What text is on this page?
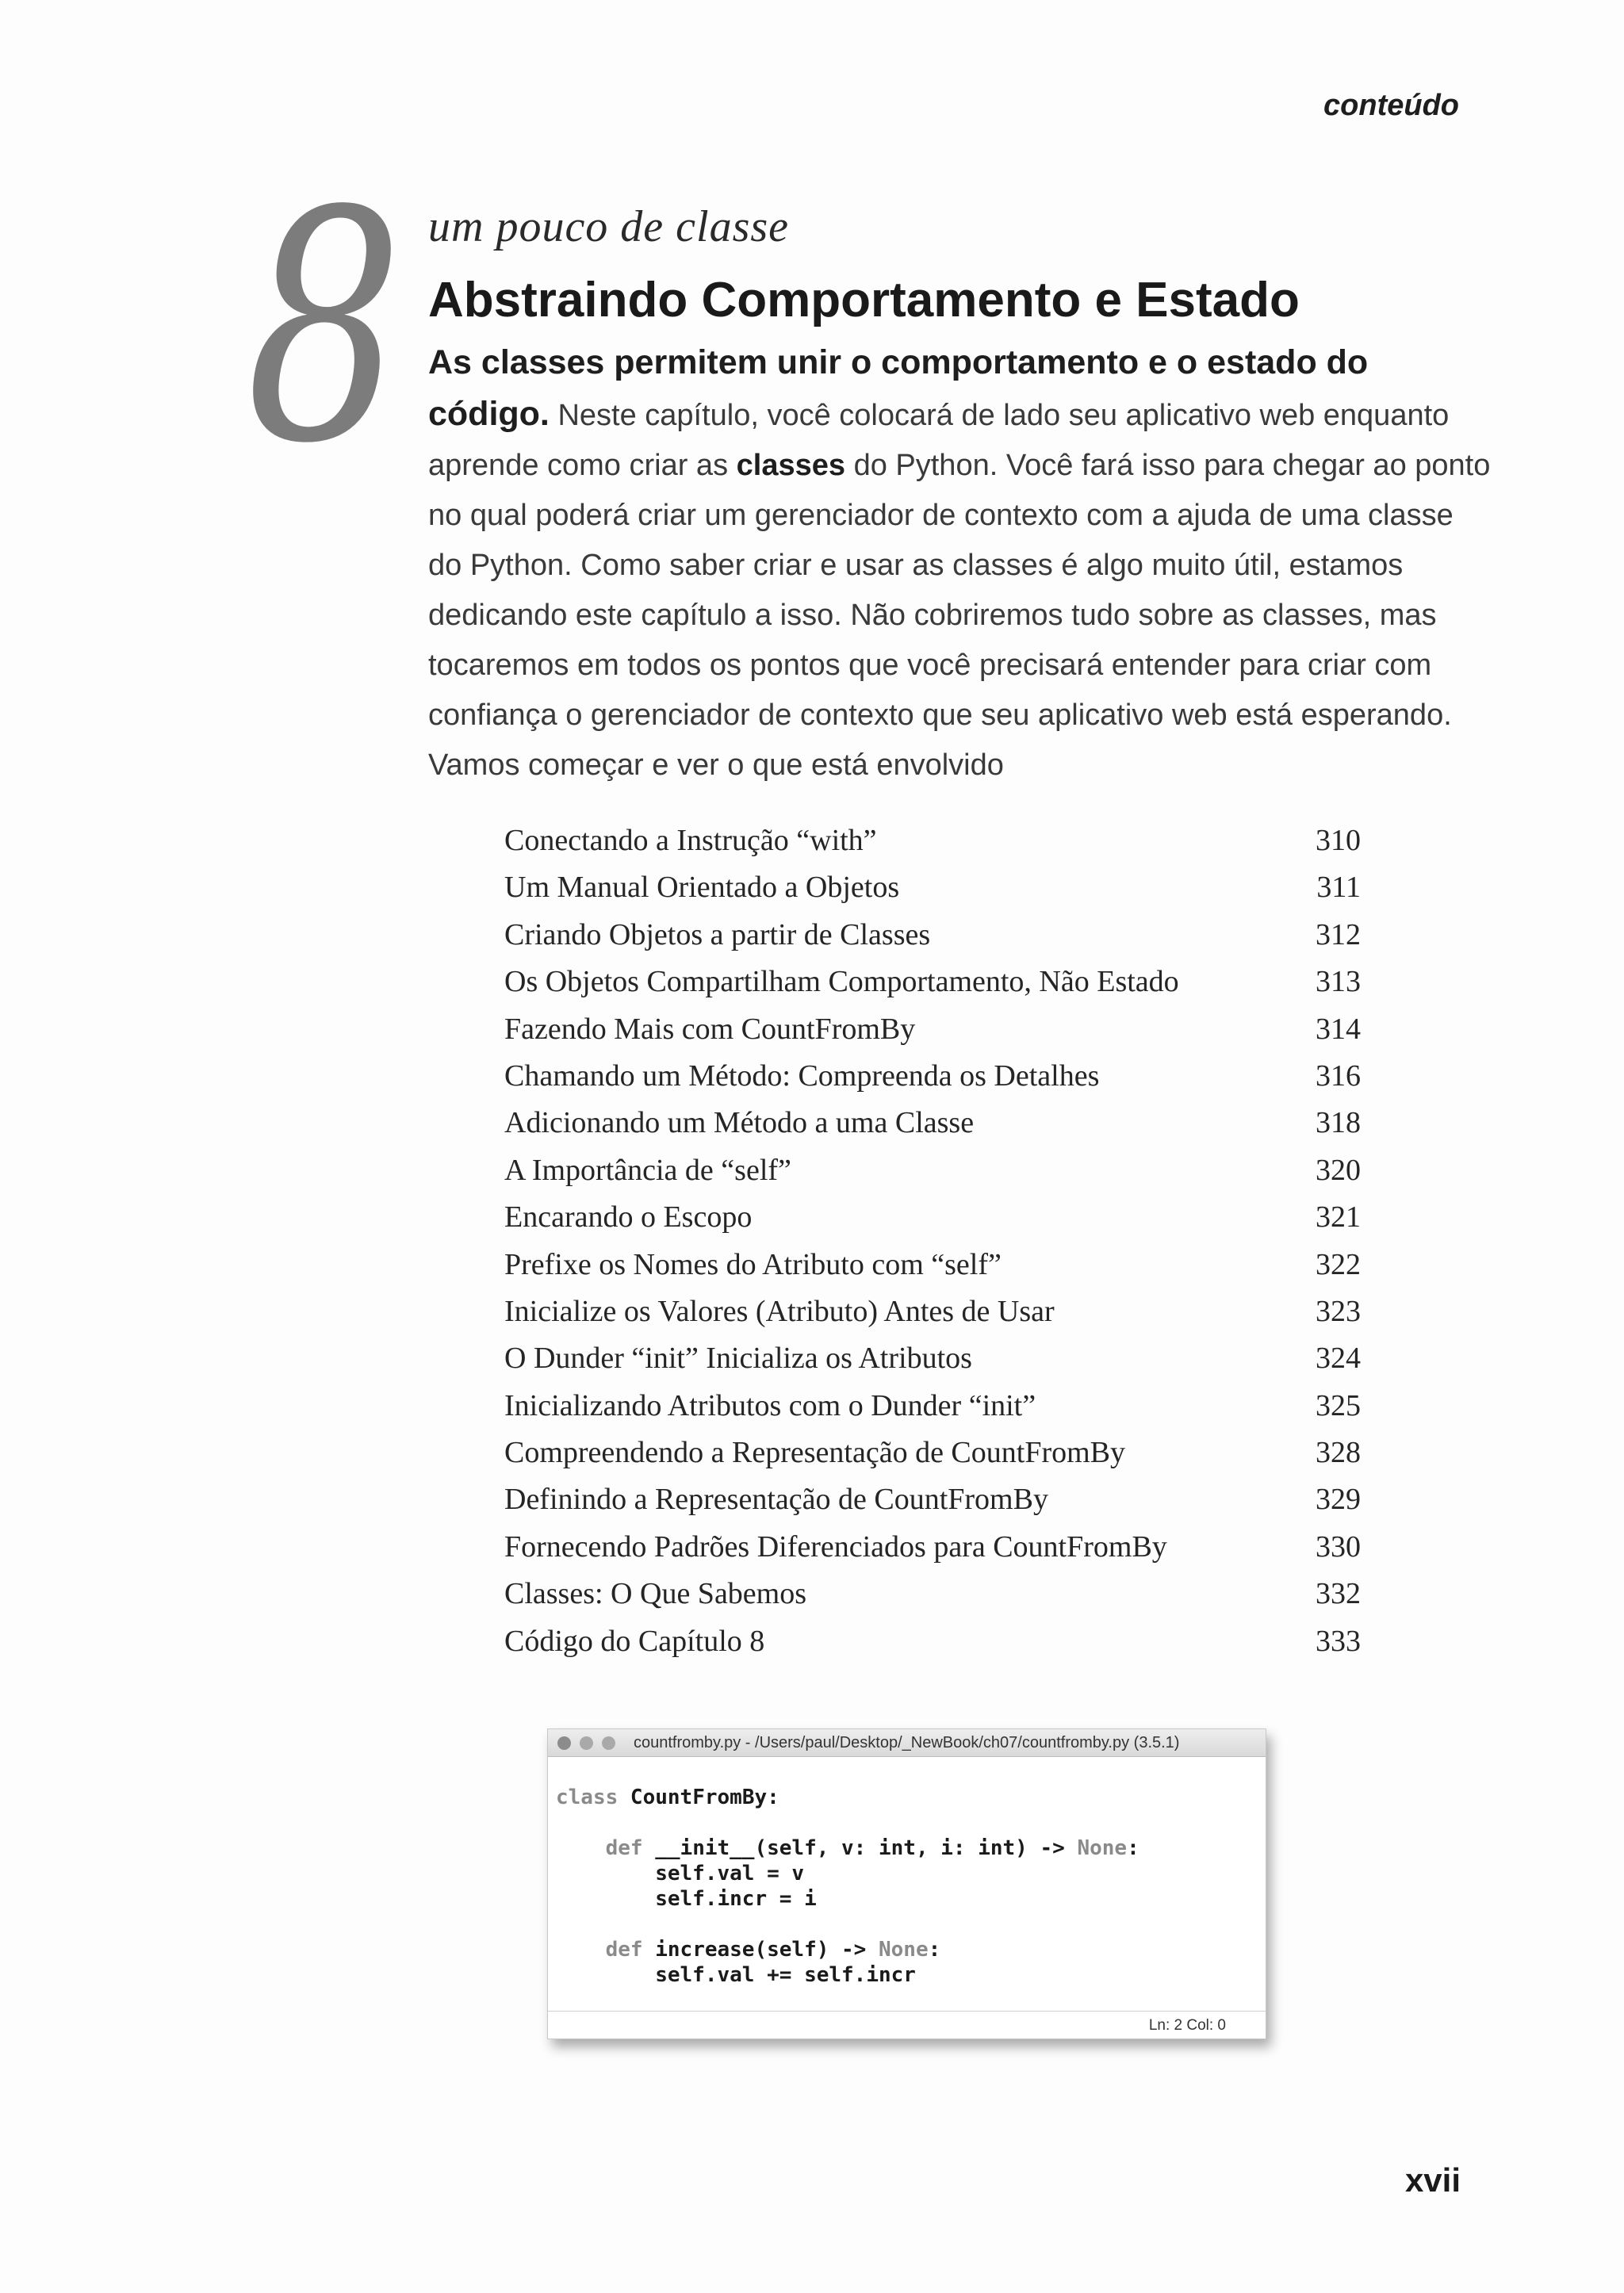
conteúdo
8 um pouco de classe
Abstraindo Comportamento e Estado
As classes permitem unir o comportamento e o estado do código. Neste capítulo, você colocará de lado seu aplicativo web enquanto aprende como criar as classes do Python. Você fará isso para chegar ao ponto no qual poderá criar um gerenciador de contexto com a ajuda de uma classe do Python. Como saber criar e usar as classes é algo muito útil, estamos dedicando este capítulo a isso. Não cobriremos tudo sobre as classes, mas tocaremos em todos os pontos que você precisará entender para criar com confiança o gerenciador de contexto que seu aplicativo web está esperando. Vamos começar e ver o que está envolvido
Conectando a Instrução “with”	310
Um Manual Orientado a Objetos	311
Criando Objetos a partir de Classes	312
Os Objetos Compartilham Comportamento, Não Estado	313
Fazendo Mais com CountFromBy	314
Chamando um Método: Compreenda os Detalhes	316
Adicionando um Método a uma Classe	318
A Importância de “self”	320
Encarando o Escopo	321
Prefixe os Nomes do Atributo com “self”	322
Inicialize os Valores (Atributo) Antes de Usar	323
O Dunder “init” Inicializa os Atributos	324
Inicializando Atributos com o Dunder “init”	325
Compreendendo a Representação de CountFromBy	328
Definindo a Representação de CountFromBy	329
Fornecendo Padrões Diferenciados para CountFromBy	330
Classes: O Que Sabemos	332
Código do Capítulo 8	333
countfromby.py - /Users/paul/Desktop/_NewBook/ch07/countfromby.py (3.5.1)
class CountFromBy:

def __init__(self, v: int, i: int) -> None:
self.val = v
self.incr = i

def increase(self) -> None:
self.val += self.incr
Ln: 2 Col: 0
xvii
